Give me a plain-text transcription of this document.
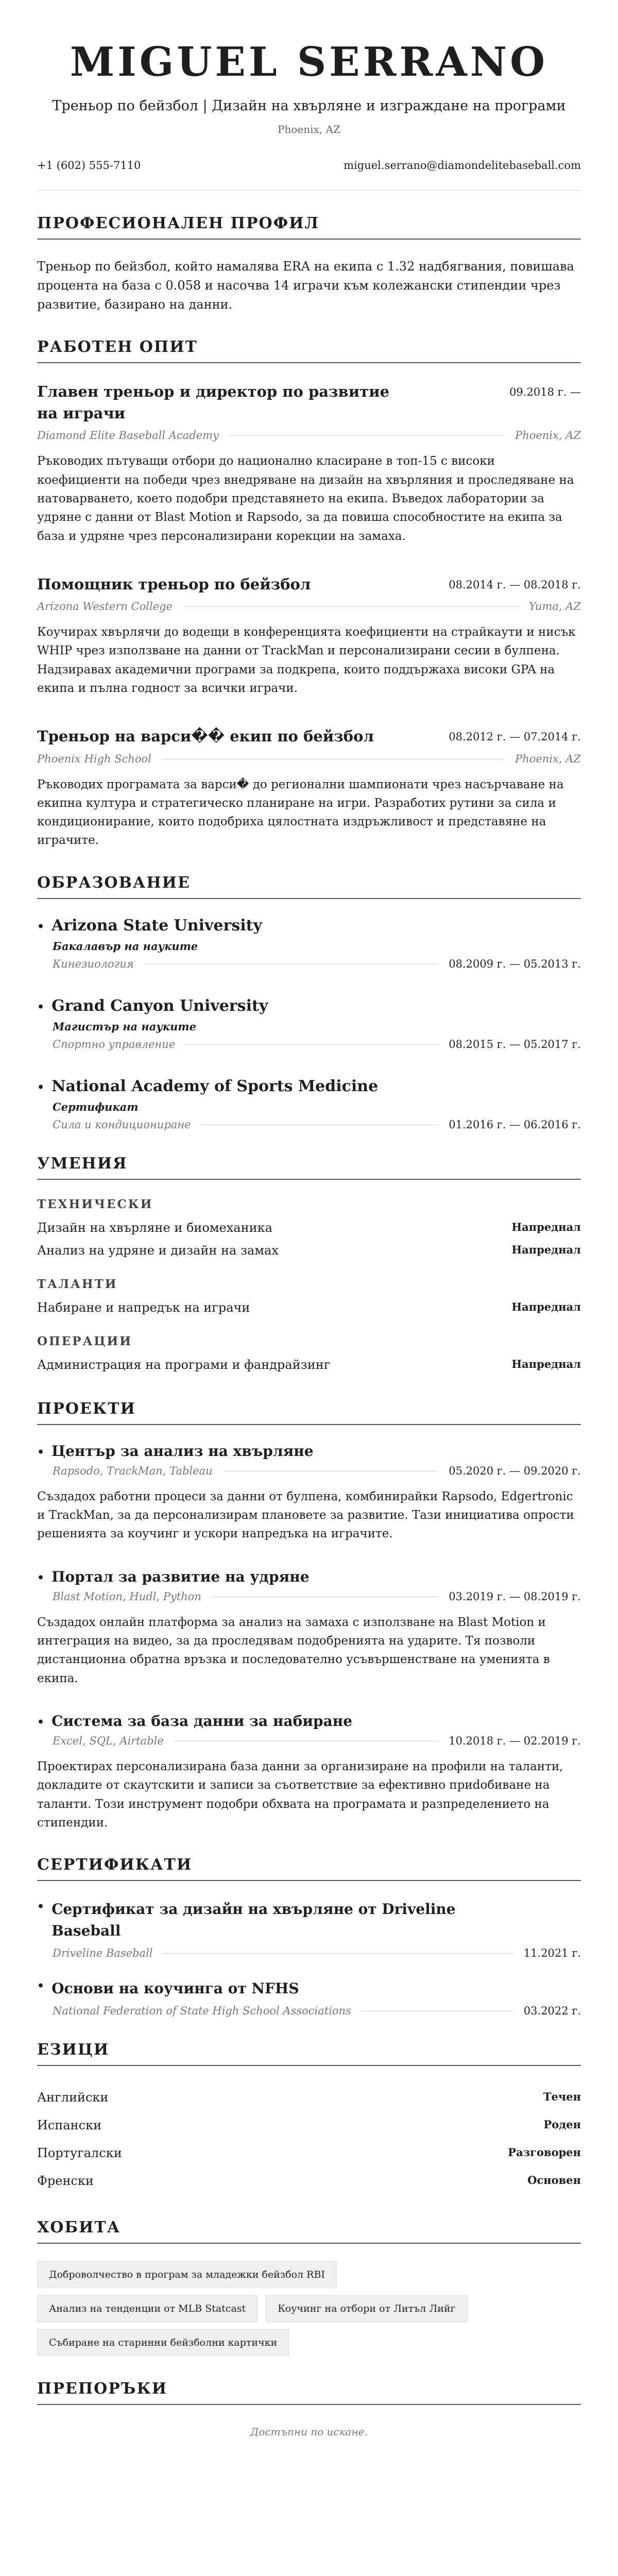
MIGUEL SERRANO
Треньор по бейзбол | Дизайн на хвърляне и изграждане на програми
Phoenix, AZ
+1 (602) 555-7110	miguel.serrano@diamondelitebaseball.com
ПРОФЕСИОНАЛЕН ПРОФИЛ

Треньор по бейзбол, който намалява ERA на екипа с 1.32 надбягвания, повишава процента на база с 0.058 и насочва 14 играчи към колежански стипендии чрез развитие, базирано на данни.

РАБОТЕН ОПИТ
Главен треньор и директор по развитие на играчи
09.2018 г. —
Diamond Elite Baseball Academy	Phoenix, AZ
Ръководих пътуващи отбори до национално класиране в топ-15 с високи коефициенти на победи чрез внедряване на дизайн на хвърляния и проследяване на натоварването, което подобри представянето на екипа. Въведох лаборатории за удряне с данни от Blast Motion и Rapsodo, за да повиша способностите на екипа за база и удряне чрез персонализирани корекции на замаха.
Помощник треньор по бейзбол	08.2014 г. — 08.2018 г.
Arizona Western College	Yuma, AZ
Коучирах хвърлячи до водещи в конференцията коефициенти на страйкаути и нисък WHIP чрез използване на данни от TrackMan и персонализирани сесии в булпена. Надзиравах академични програми за подкрепа, които поддържаха високи GPA на екипа и пълна годност за всички играчи.
Треньор на варси�� екип по бейзбол	08.2012 г. — 07.2014 г.
Phoenix High School	Phoenix, AZ
Ръководих програмата за варси� до регионални шампионати чрез насърчаване на екипна култура и стратегическо планиране на игри. Разработих рутини за сила и кондиционирание, които подобриха цялостната издръжливост и представяне на играчите.
ОБРАЗОВАНИЕ
• Arizona State University
Бакалавър на науките
Кинезиология	08.2009 г. — 05.2013 г.
• Grand Canyon University
Магистър на науките
Спортно управление	08.2015 г. — 05.2017 г.
• National Academy of Sports Medicine
Сертификат
Сила и кондициониране	01.2016 г. — 06.2016 г.
УМЕНИЯ
ТЕХНИЧЕСКИ
Дизайн на хвърляне и биомеханика	Напреднал
Анализ на удряне и дизайн на замах	Напреднал
ТАЛАНТИ
Набиране и напредък на играчи	Напреднал
ОПЕРАЦИИ
Администрация на програми и фандрайзинг	Напреднал
ПРОЕКТИ
• Център за анализ на хвърляне
Rapsodo, TrackMan, Tableau	05.2020 г. — 09.2020 г.
Създадох работни процеси за данни от булпена, комбинирайки Rapsodo, Edgertronic и TrackMan, за да персонализирам плановете за развитие. Тази инициатива опрости решенията за коучинг и ускори напредъка на играчите.
• Портал за развитие на удряне
Blast Motion, Hudl, Python	03.2019 г. — 08.2019 г.
Създадох онлайн платформа за анализ на замаха с използване на Blast Motion и интеграция на видео, за да проследявам подобренията на ударите. Тя позволи дистанционна обратна връзка и последователно усъвършенстване на уменията в екипа.
• Система за база данни за набиране
Excel, SQL, Airtable	10.2018 г. — 02.2019 г.
Проектирах персонализирана база данни за организиране на профили на таланти, докладите от скаутскити и записи за съответствие за ефективно приdобиване на таланти. Този инструмент подобри обхвата на програмата и разпределението на стипендии.
СЕРТИФИКАТИ
• Сертификат за дизайн на хвърляне от Driveline Baseball
Driveline Baseball	11.2021 г.
• Основи на коучинга от NFHS
National Federation of State High School Associations	03.2022 г.
ЕЗИЦИ
Английски	Течен
Испански	Роден
Португалски	Разговорен
Френски	Основен
ХОБИТА
Доброволчество в програм за младежки бейзбол RBI
Анализ на тенденции от MLB Statcast	Коучинг на отбори от Литъл Лийг
Събиране на старинни бейзболни картички
ПРЕПОРЪКИ
Достъпни по искане.
